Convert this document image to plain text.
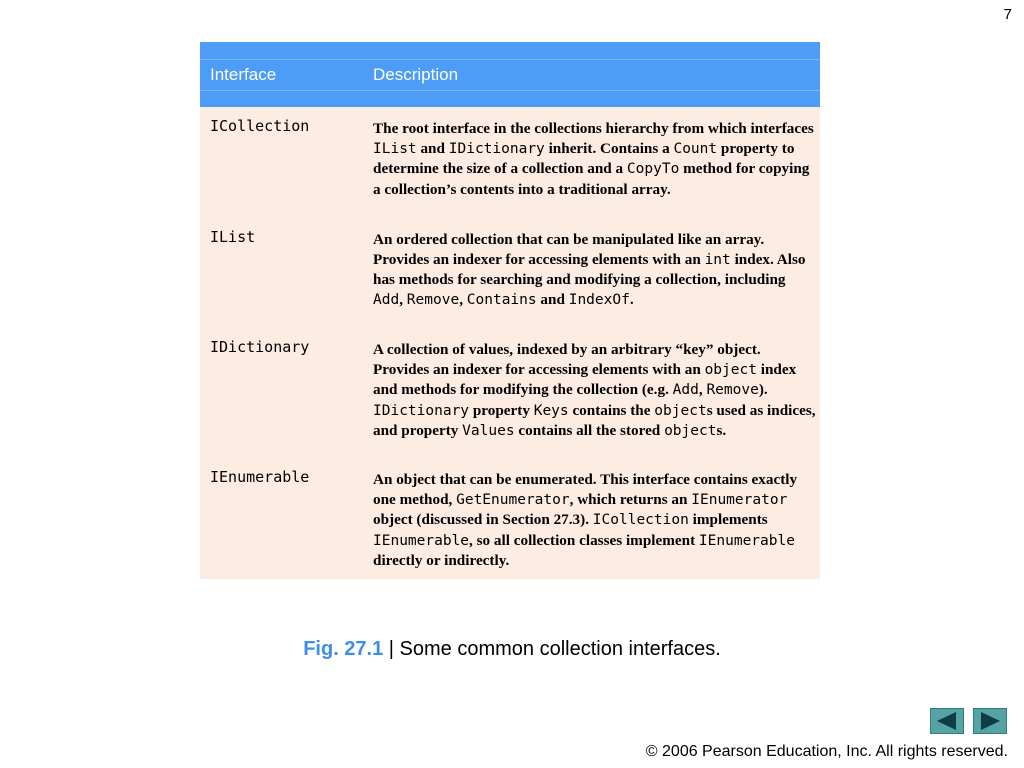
7
Interface	Description
ICollection	The root interface in the collections hierarchy from which interfaces IList and IDictionary inherit. Contains a Count property to determine the size of a collection and a CopyTo method for copying a collection’s contents into a traditional array.
IList	An ordered collection that can be manipulated like an array. Provides an indexer for accessing elements with an int index. Also has methods for searching and modifying a collection, including Add, Remove, Contains and IndexOf.
IDictionary	A collection of values, indexed by an arbitrary “key” object. Provides an indexer for accessing elements with an object index and methods for modifying the collection (e.g. Add, Remove). IDictionary property Keys contains the objects used as indices, and property Values contains all the stored objects.
IEnumerable	An object that can be enumerated. This interface contains exactly one method, GetEnumerator, which returns an IEnumerator object (discussed in Section 27.3). ICollection implements IEnumerable, so all collection classes implement IEnumerable directly or indirectly.
Fig. 27.1 | Some common collection interfaces.
© 2006 Pearson Education, Inc. All rights reserved.
